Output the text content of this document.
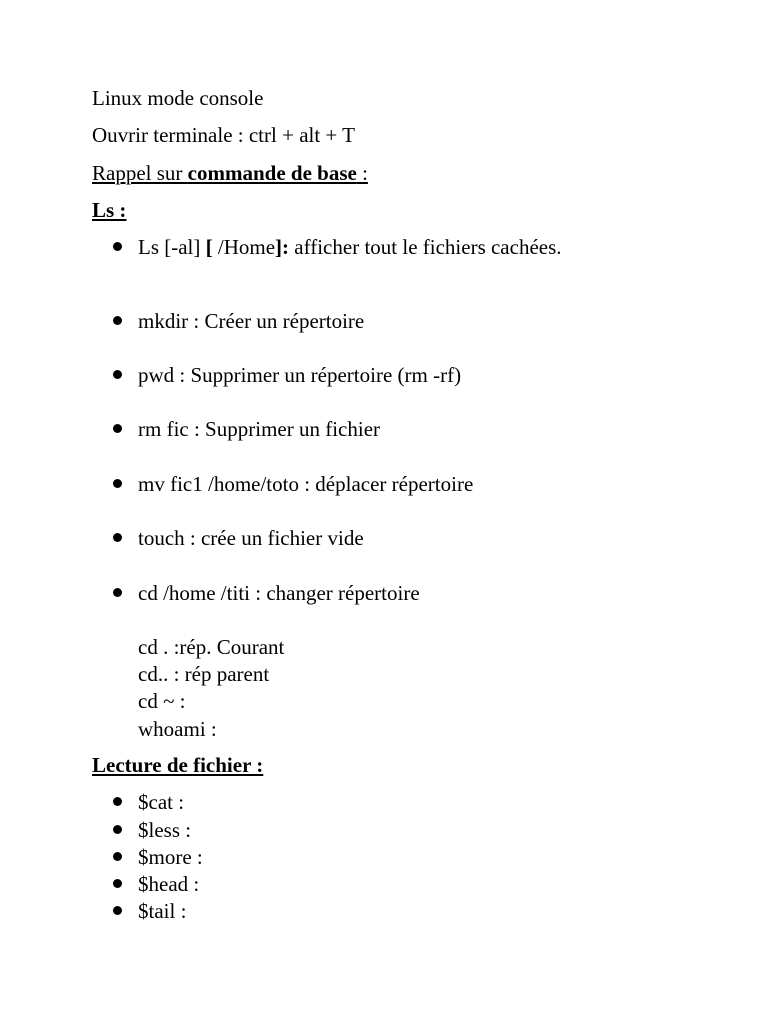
Linux mode console
Ouvrir terminale : ctrl + alt + T
Rappel sur commande de base :
Ls :
Ls [-al] [ /Home]: afficher tout le fichiers cachées.
mkdir : Créer un répertoire
pwd : Supprimer un répertoire (rm -rf)
rm fic : Supprimer un fichier
mv fic1 /home/toto : déplacer répertoire
touch : crée un fichier vide
cd /home /titi : changer répertoire
cd . :rép. Courant
cd.. : rép parent
cd ~ :
whoami :
Lecture de fichier :
$cat :
$less :
$more :
$head :
$tail :
